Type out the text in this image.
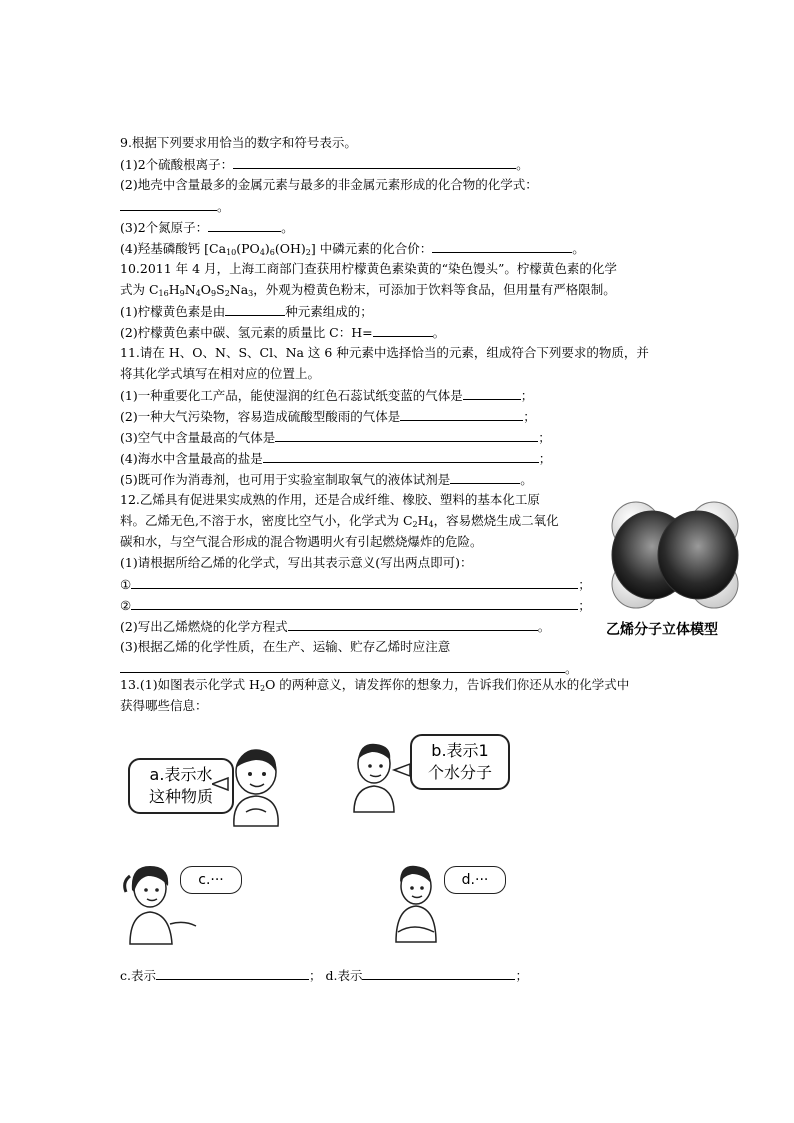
9.根据下列要求用恰当的数字和符号表示。
(1)2个硫酸根离子：	。
(2)地壳中含量最多的金属元素与最多的非金属元素形成的化合物的化学式：
。
(3)2个氮原子：	。
(4)羟基磷酸钙 $[Ca_{10}(PO_4)_6(OH)_2]$ 中磷元素的化合价：	。
10.2011 年 4 月，上海工商部门查获用柠檬黄色素染黄的“染色馒头”。柠檬黄色素的化学
式为 $C_{16}H_9N_4O_9S_2Na_3$，外观为橙黄色粉末，可添加于饮料等食品，但用量有严格限制。
(1)柠檬黄色素是由	种元素组成的；
(2)柠檬黄色素中碳、氢元素的质量比 C：H=	。
11.请在 H、O、N、S、Cl、Na 这 6 种元素中选择恰当的元素，组成符合下列要求的物质，并
将其化学式填写在相对应的位置上。
(1)一种重要化工产品，能使湿润的红色石蕊试纸变蓝的气体是	；
(2)一种大气污染物，容易造成硫酸型酸雨的气体是	；
(3)空气中含量最高的气体是	；
(4)海水中含量最高的盐是	；
(5)既可作为消毒剂，也可用于实验室制取氧气的液体试剂是	。
12.乙烯具有促进果实成熟的作用，还是合成纤维、橡胶、塑料的基本化工原
料。乙烯无色,不溶于水，密度比空气小，化学式为 $C_2H_4$，容易燃烧生成二氧化
碳和水，与空气混合形成的混合物遇明火有引起燃烧爆炸的危险。
(1)请根据所给乙烯的化学式，写出其表示意义(写出两点即可)：
①	；
②	；
(2)写出乙烯燃烧的化学方程式	。
(3)根据乙烯的化学性质，在生产、运输、贮存乙烯时应注意
。
乙烯分子立体模型
13.(1)如图表示化学式 $H_2O$ 的两种意义，请发挥你的想象力，告诉我们你还从水的化学式中
获得哪些信息：
a.表示水
这种物质
b.表示1
个水分子
c.···	d.···
c.表示	； d.表示	；
